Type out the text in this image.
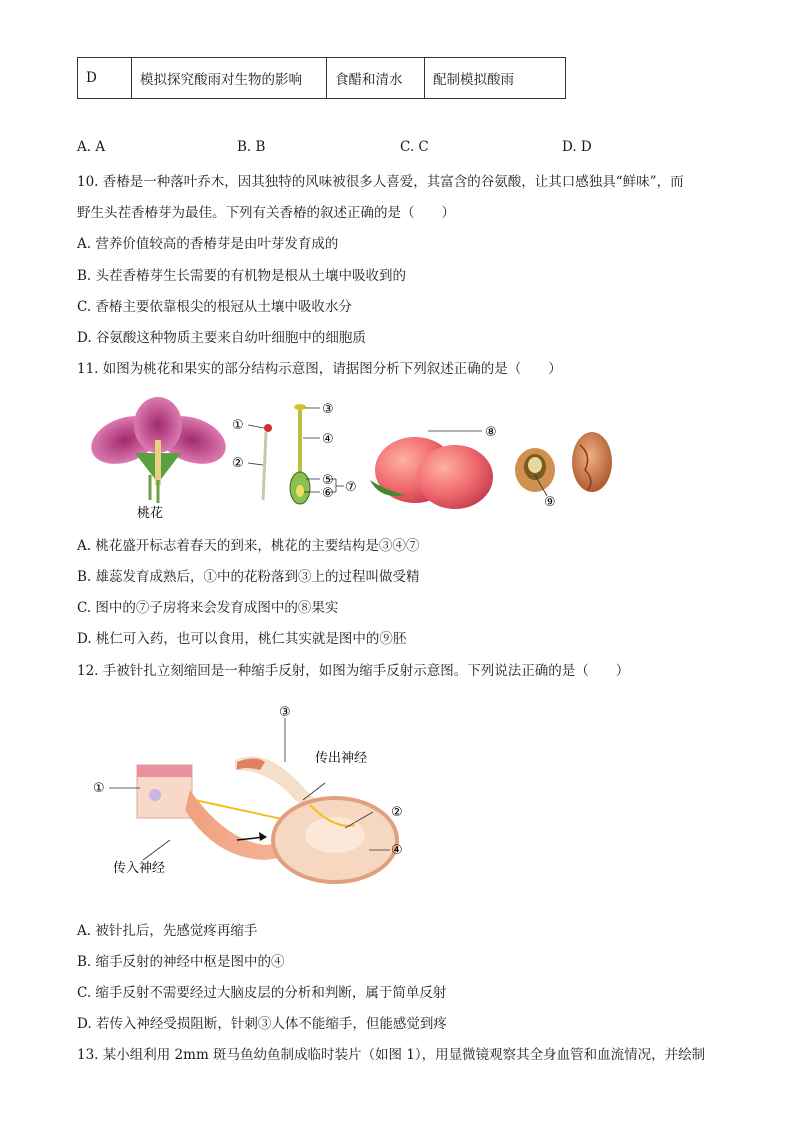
D	模拟探究酸雨对生物的影响	食醋和清水	配制模拟酸雨
A. A	B. B	C. C	D. D
10. 香椿是一种落叶乔木，因其独特的风味被很多人喜爱，其富含的谷氨酸，让其口感独具“鲜味”，而
野生头茬香椿芽为最佳。下列有关香椿的叙述正确的是（　　）
A. 营养价值较高的香椿芽是由叶芽发育成的
B. 头茬香椿芽生长需要的有机物是根从土壤中吸收到的
C. 香椿主要依靠根尖的根冠从土壤中吸收水分
D. 谷氨酸这种物质主要来自幼叶细胞中的细胞质
11. 如图为桃花和果实的部分结构示意图，请据图分析下列叙述正确的是（　　）
①
②
③
④
⑤
⑥ ⑦
⑧
⑨
桃花
A. 桃花盛开标志着春天的到来，桃花的主要结构是③④⑦
B. 雄蕊发育成熟后，①中的花粉落到③上的过程叫做受精
C. 图中的⑦子房将来会发育成图中的⑧果实
D. 桃仁可入药，也可以食用，桃仁其实就是图中的⑨胚
12. 手被针扎立刻缩回是一种缩手反射，如图为缩手反射示意图。下列说法正确的是（　　）
③
①
②
④
传出神经
传入神经
A. 被针扎后，先感觉疼再缩手
B. 缩手反射的神经中枢是图中的④
C. 缩手反射不需要经过大脑皮层的分析和判断，属于简单反射
D. 若传入神经受损阻断，针刺③人体不能缩手，但能感觉到疼
13. 某小组利用 2mm 斑马鱼幼鱼制成临时装片（如图 1），用显微镜观察其全身血管和血流情况，并绘制
